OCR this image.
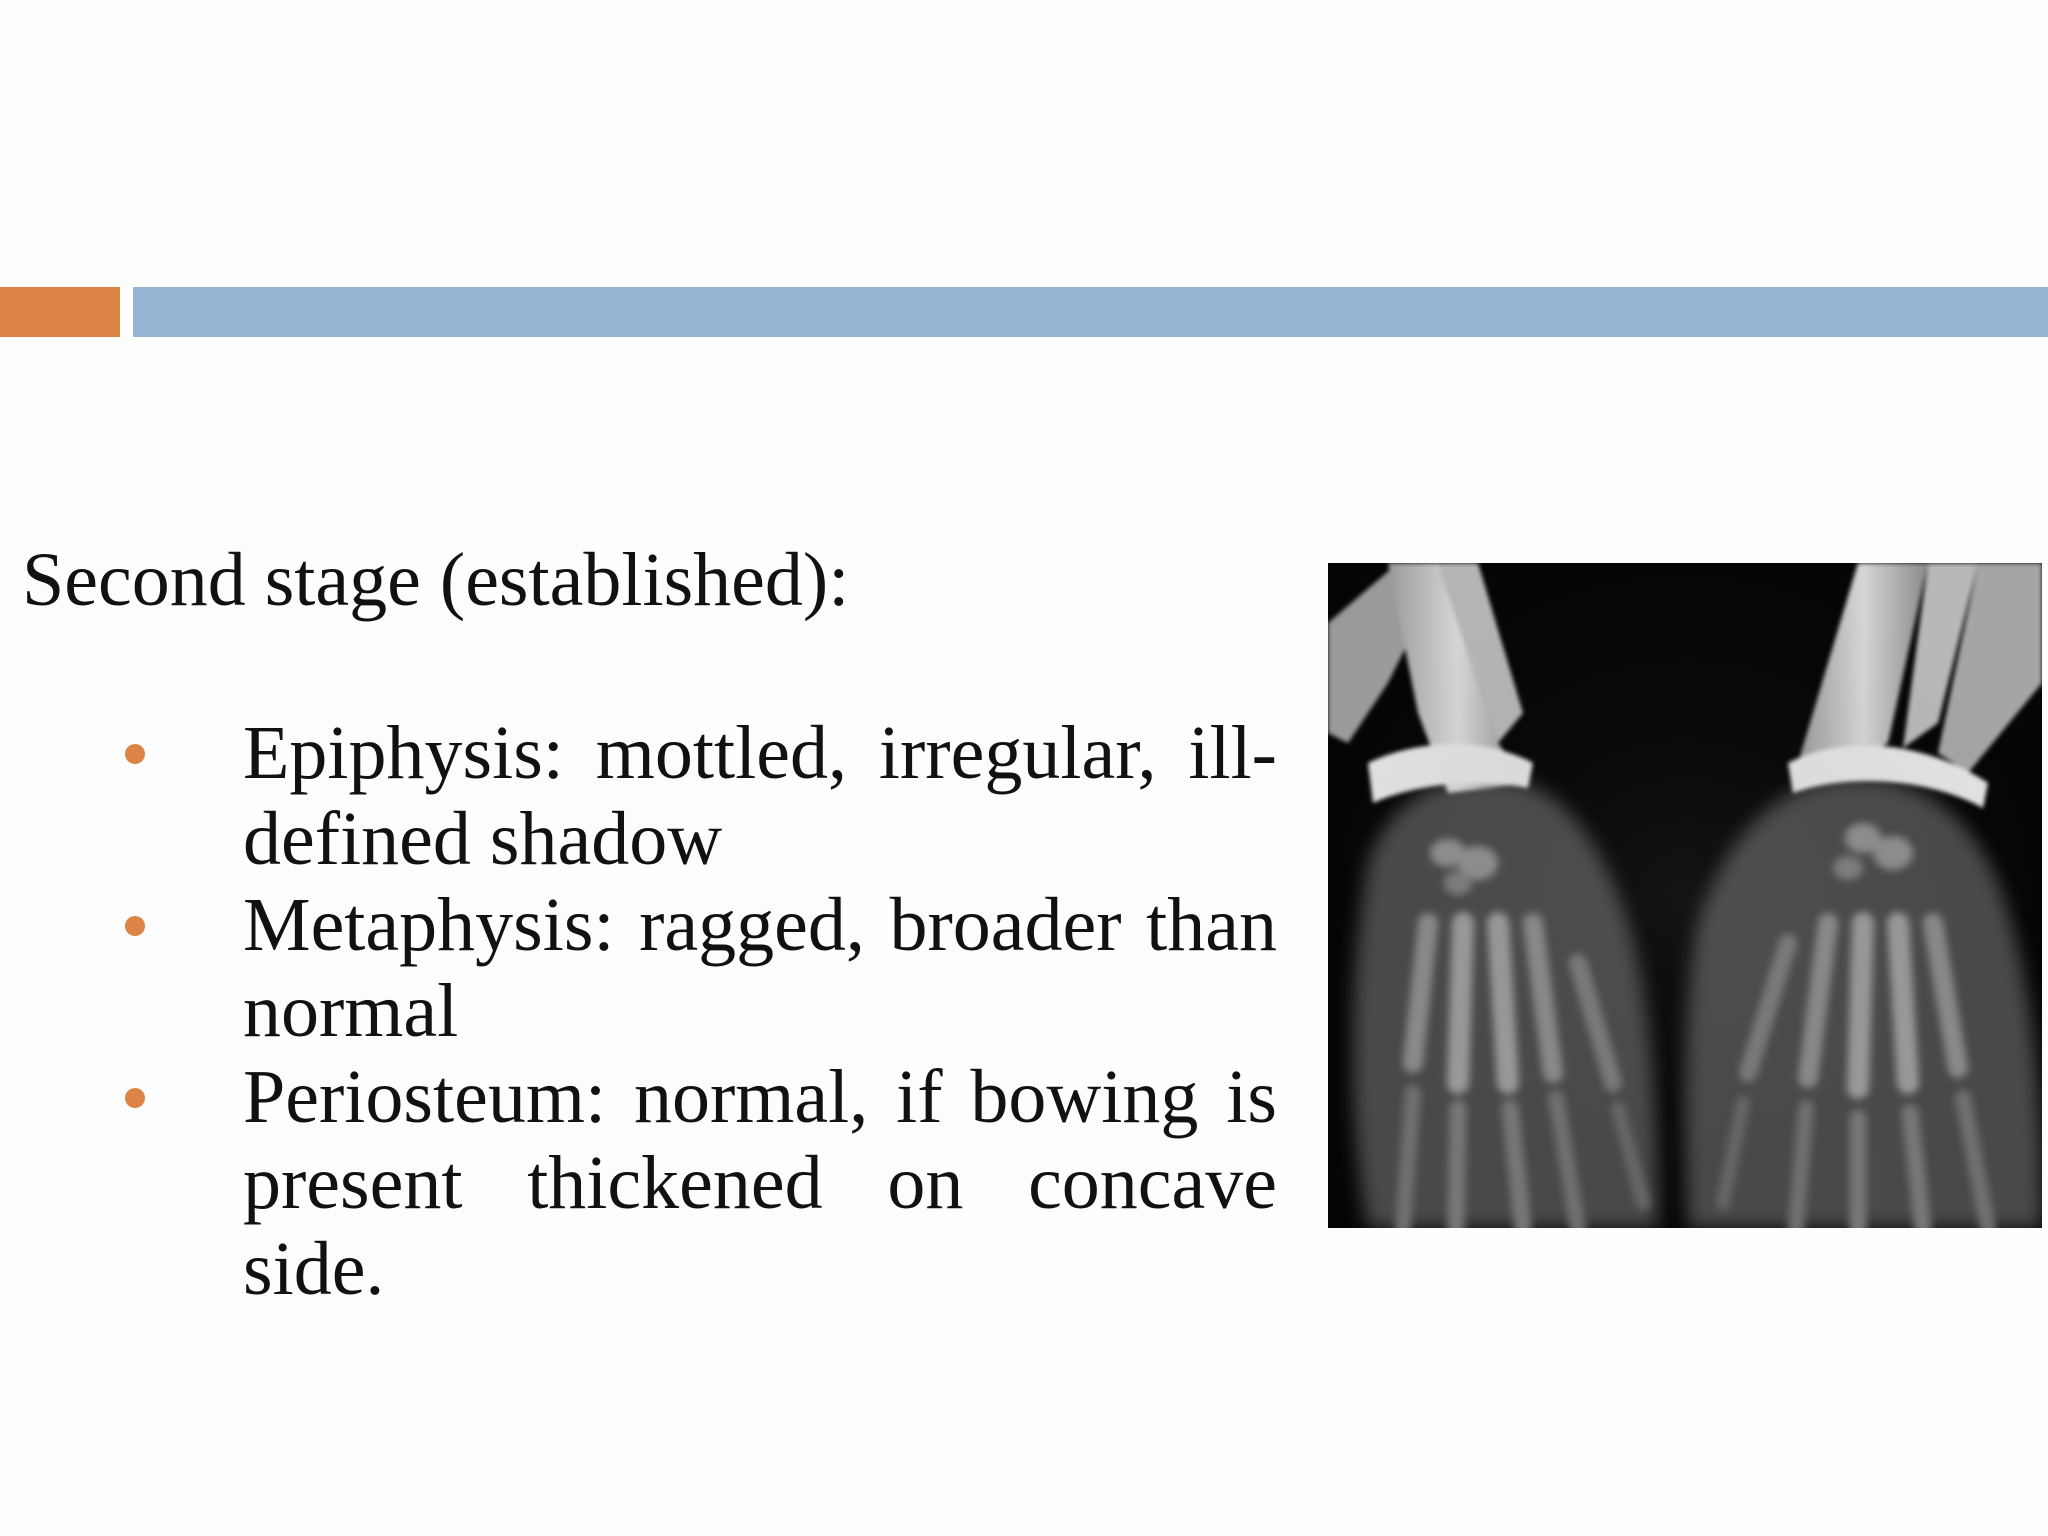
Second stage (established):
Epiphysis: mottled, irregular, ill-defined shadow
Metaphysis: ragged, broader than normal
Periosteum: normal, if bowing is present thickened on concave side.
